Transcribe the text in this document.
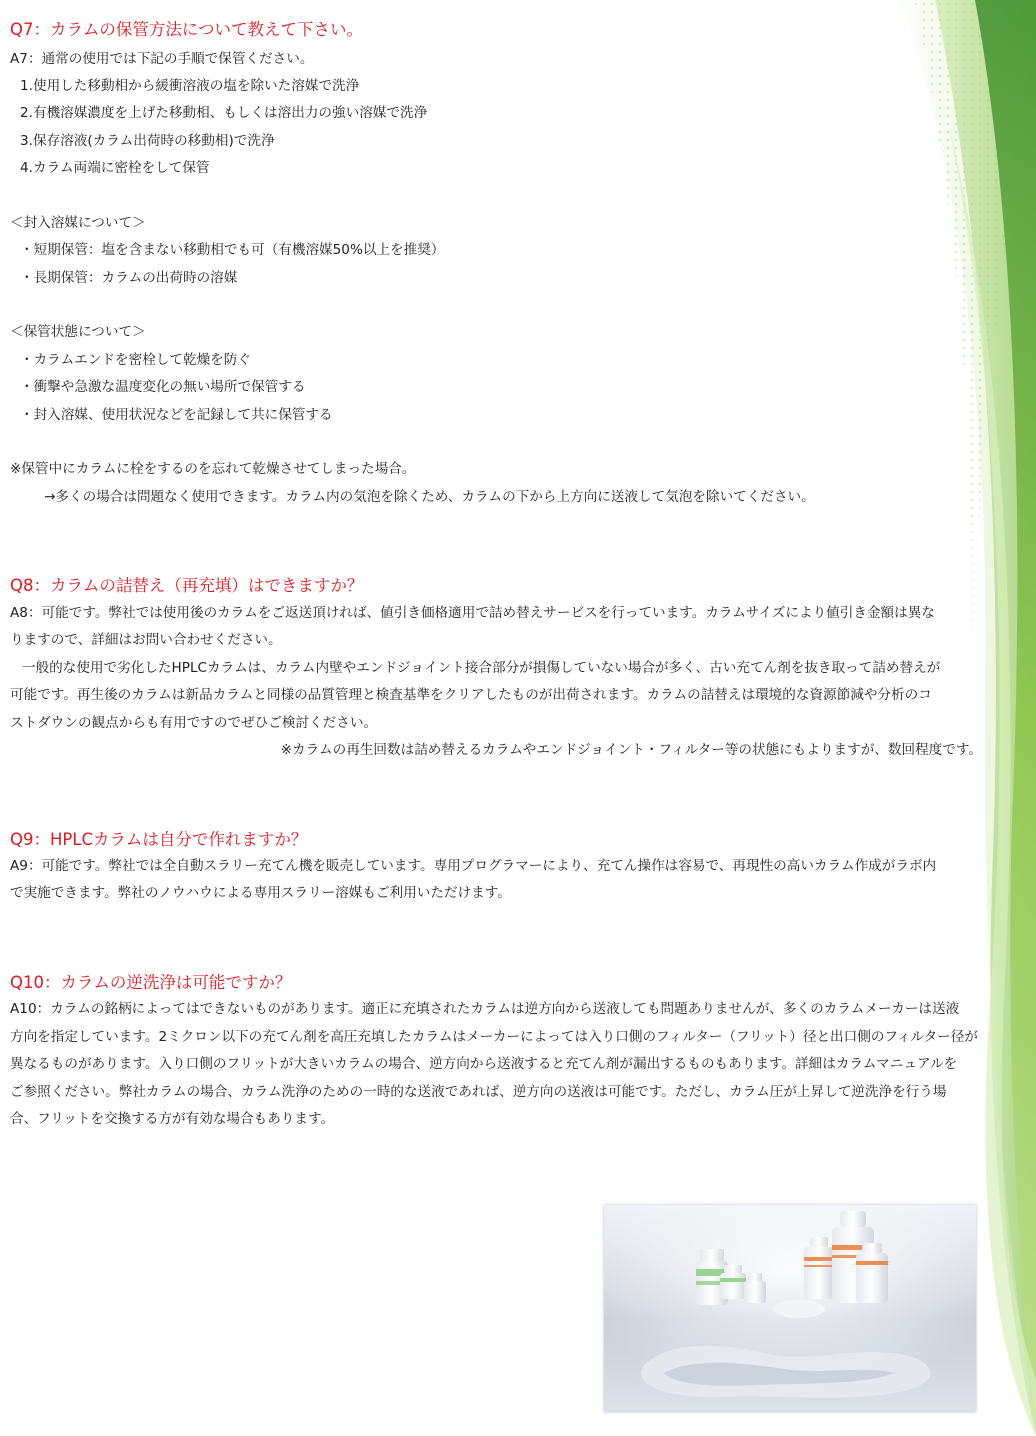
Q7：カラムの保管方法について教えて下さい。

A7：通常の使用では下記の手順で保管ください。

1.使用した移動相から緩衝溶液の塩を除いた溶媒で洗浄

2.有機溶媒濃度を上げた移動相、もしくは溶出力の強い溶媒で洗浄

3.保存溶液(カラム出荷時の移動相)で洗浄

4.カラム両端に密栓をして保管

＜封入溶媒について＞

・短期保管：塩を含まない移動相でも可（有機溶媒50%以上を推奨）

・長期保管：カラムの出荷時の溶媒

＜保管状態について＞

・カラムエンドを密栓して乾燥を防ぐ

・衝撃や急激な温度変化の無い場所で保管する

・封入溶媒、使用状況などを記録して共に保管する

※保管中にカラムに栓をするのを忘れて乾燥させてしまった場合。

→多くの場合は問題なく使用できます。カラム内の気泡を除くため、カラムの下から上方向に送液して気泡を除いてください。

Q8：カラムの詰替え（再充填）はできますか？

A8：可能です。弊社では使用後のカラムをご返送頂ければ、値引き価格適用で詰め替えサービスを行っています。カラムサイズにより値引き金額は異な

りますので、詳細はお問い合わせください。

一般的な使用で劣化したHPLCカラムは、カラム内壁やエンドジョイント接合部分が損傷していない場合が多く、古い充てん剤を抜き取って詰め替えが

可能です。再生後のカラムは新品カラムと同様の品質管理と検査基準をクリアしたものが出荷されます。カラムの詰替えは環境的な資源節減や分析のコ

ストダウンの観点からも有用ですのでぜひご検討ください。

※カラムの再生回数は詰め替えるカラムやエンドジョイント・フィルター等の状態にもよりますが、数回程度です。

Q9：HPLCカラムは自分で作れますか？

A9：可能です。弊社では全自動スラリー充てん機を販売しています。専用プログラマーにより、充てん操作は容易で、再現性の高いカラム作成がラボ内

で実施できます。弊社のノウハウによる専用スラリー溶媒もご利用いただけます。

Q10：カラムの逆洗浄は可能ですか？

A10：カラムの銘柄によってはできないものがあります。適正に充填されたカラムは逆方向から送液しても問題ありませんが、多くのカラムメーカーは送液

方向を指定しています。2ミクロン以下の充てん剤を高圧充填したカラムはメーカーによっては入り口側のフィルター（フリット）径と出口側のフィルター径が

異なるものがあります。入り口側のフリットが大きいカラムの場合、逆方向から送液すると充てん剤が漏出するものもあります。詳細はカラムマニュアルを

ご参照ください。弊社カラムの場合、カラム洗浄のための一時的な送液であれば、逆方向の送液は可能です。ただし、カラム圧が上昇して逆洗浄を行う場

合、フリットを交換する方が有効な場合もあります。
